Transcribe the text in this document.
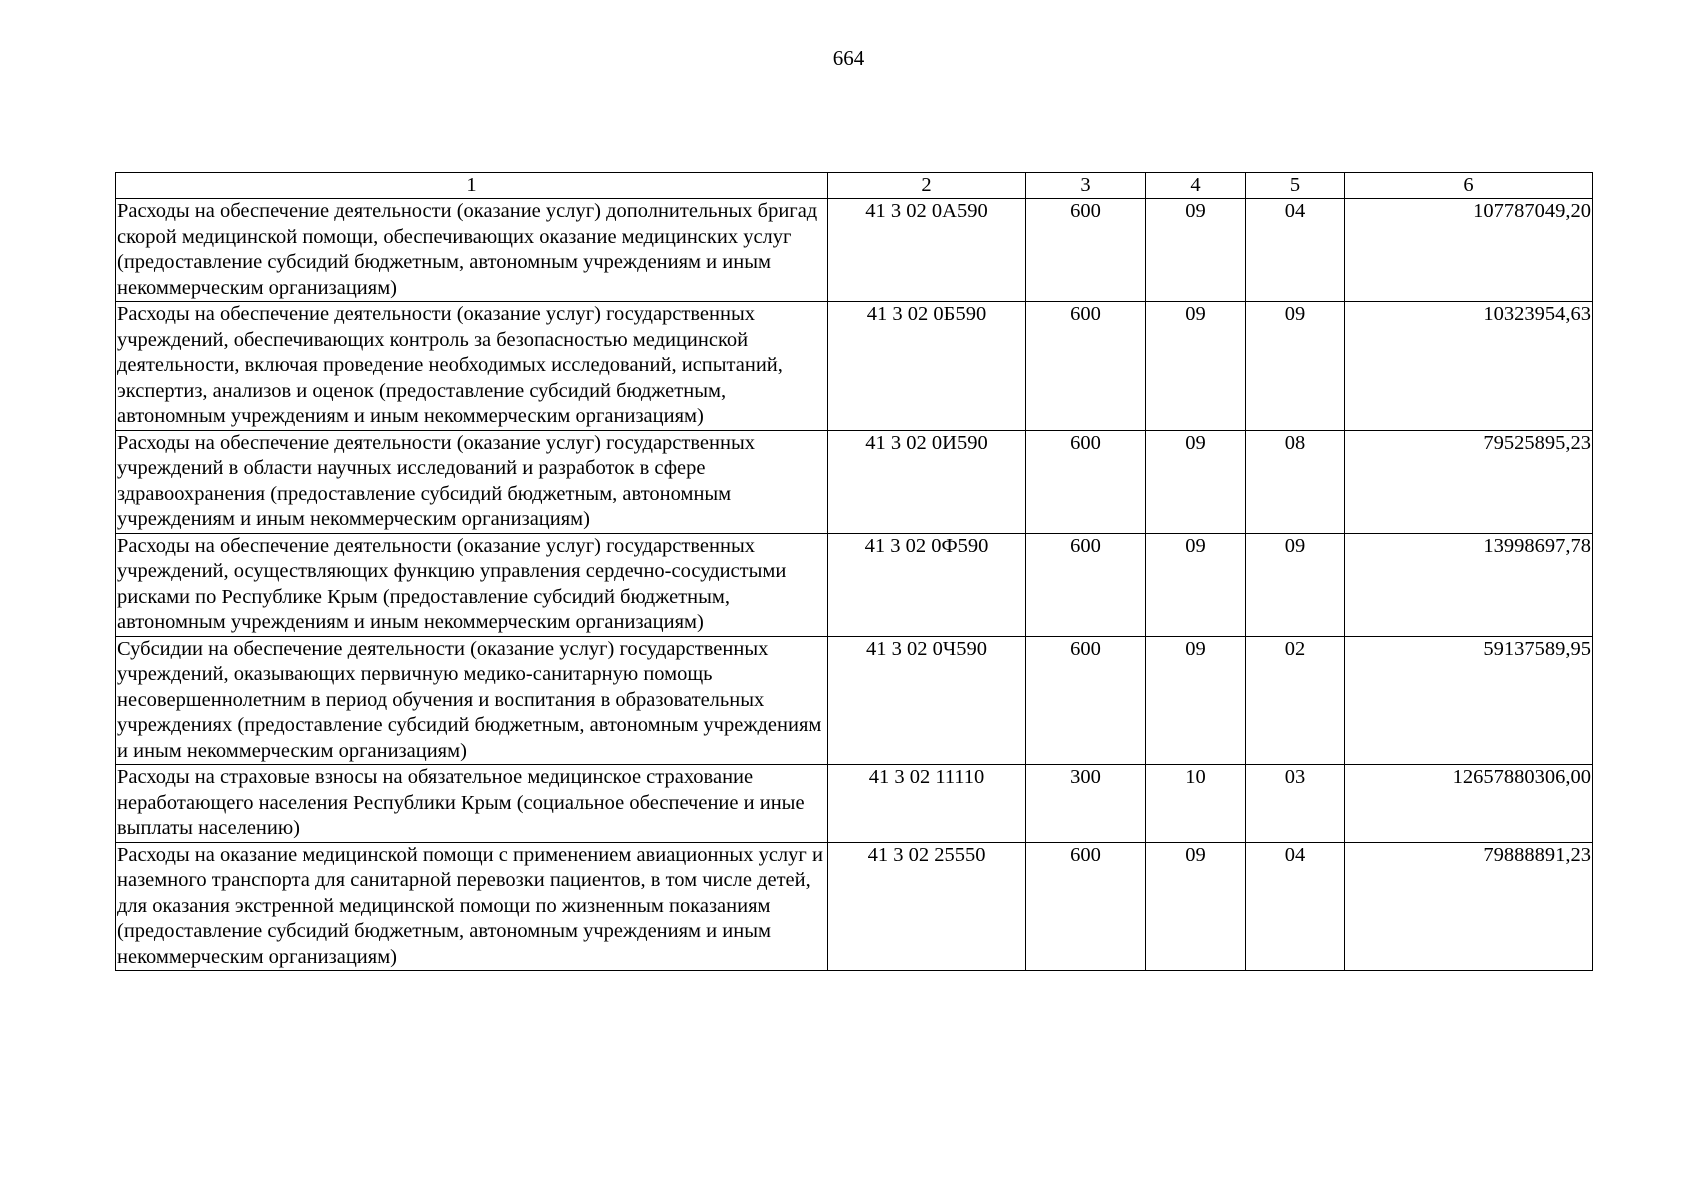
664
1	2	3	4	5	6
Расходы на обеспечение деятельности (оказание услуг) дополнительных бригад скорой медицинской помощи, обеспечивающих оказание медицинских услуг (предоставление субсидий бюджетным, автономным учреждениям и иным некоммерческим организациям)	41 3 02 0А590	600	09	04	107787049,20
Расходы на обеспечение деятельности (оказание услуг) государственных учреждений, обеспечивающих контроль за безопасностью медицинской деятельности, включая проведение необходимых исследований, испытаний, экспертиз, анализов и оценок (предоставление субсидий бюджетным, автономным учреждениям и иным некоммерческим организациям)	41 3 02 0Б590	600	09	09	10323954,63
Расходы на обеспечение деятельности (оказание услуг) государственных учреждений в области научных исследований и разработок в сфере здравоохранения (предоставление субсидий бюджетным, автономным учреждениям и иным некоммерческим организациям)	41 3 02 0И590	600	09	08	79525895,23
Расходы на обеспечение деятельности (оказание услуг) государственных учреждений, осуществляющих функцию управления сердечно-сосудистыми рисками по Республике Крым (предоставление субсидий бюджетным, автономным учреждениям и иным некоммерческим организациям)	41 3 02 0Ф590	600	09	09	13998697,78
Субсидии на обеспечение деятельности (оказание услуг) государственных учреждений, оказывающих первичную медико-санитарную помощь несовершеннолетним в период обучения и воспитания в образовательных учреждениях (предоставление субсидий бюджетным, автономным учреждениям и иным некоммерческим организациям)	41 3 02 0Ч590	600	09	02	59137589,95
Расходы на страховые взносы на обязательное медицинское страхование неработающего населения Республики Крым (социальное обеспечение и иные выплаты населению)	41 3 02 11110	300	10	03	12657880306,00
Расходы на оказание медицинской помощи с применением авиационных услуг и наземного транспорта для санитарной перевозки пациентов, в том числе детей, для оказания экстренной медицинской помощи по жизненным показаниям (предоставление субсидий бюджетным, автономным учреждениям и иным некоммерческим организациям)	41 3 02 25550	600	09	04	79888891,23
